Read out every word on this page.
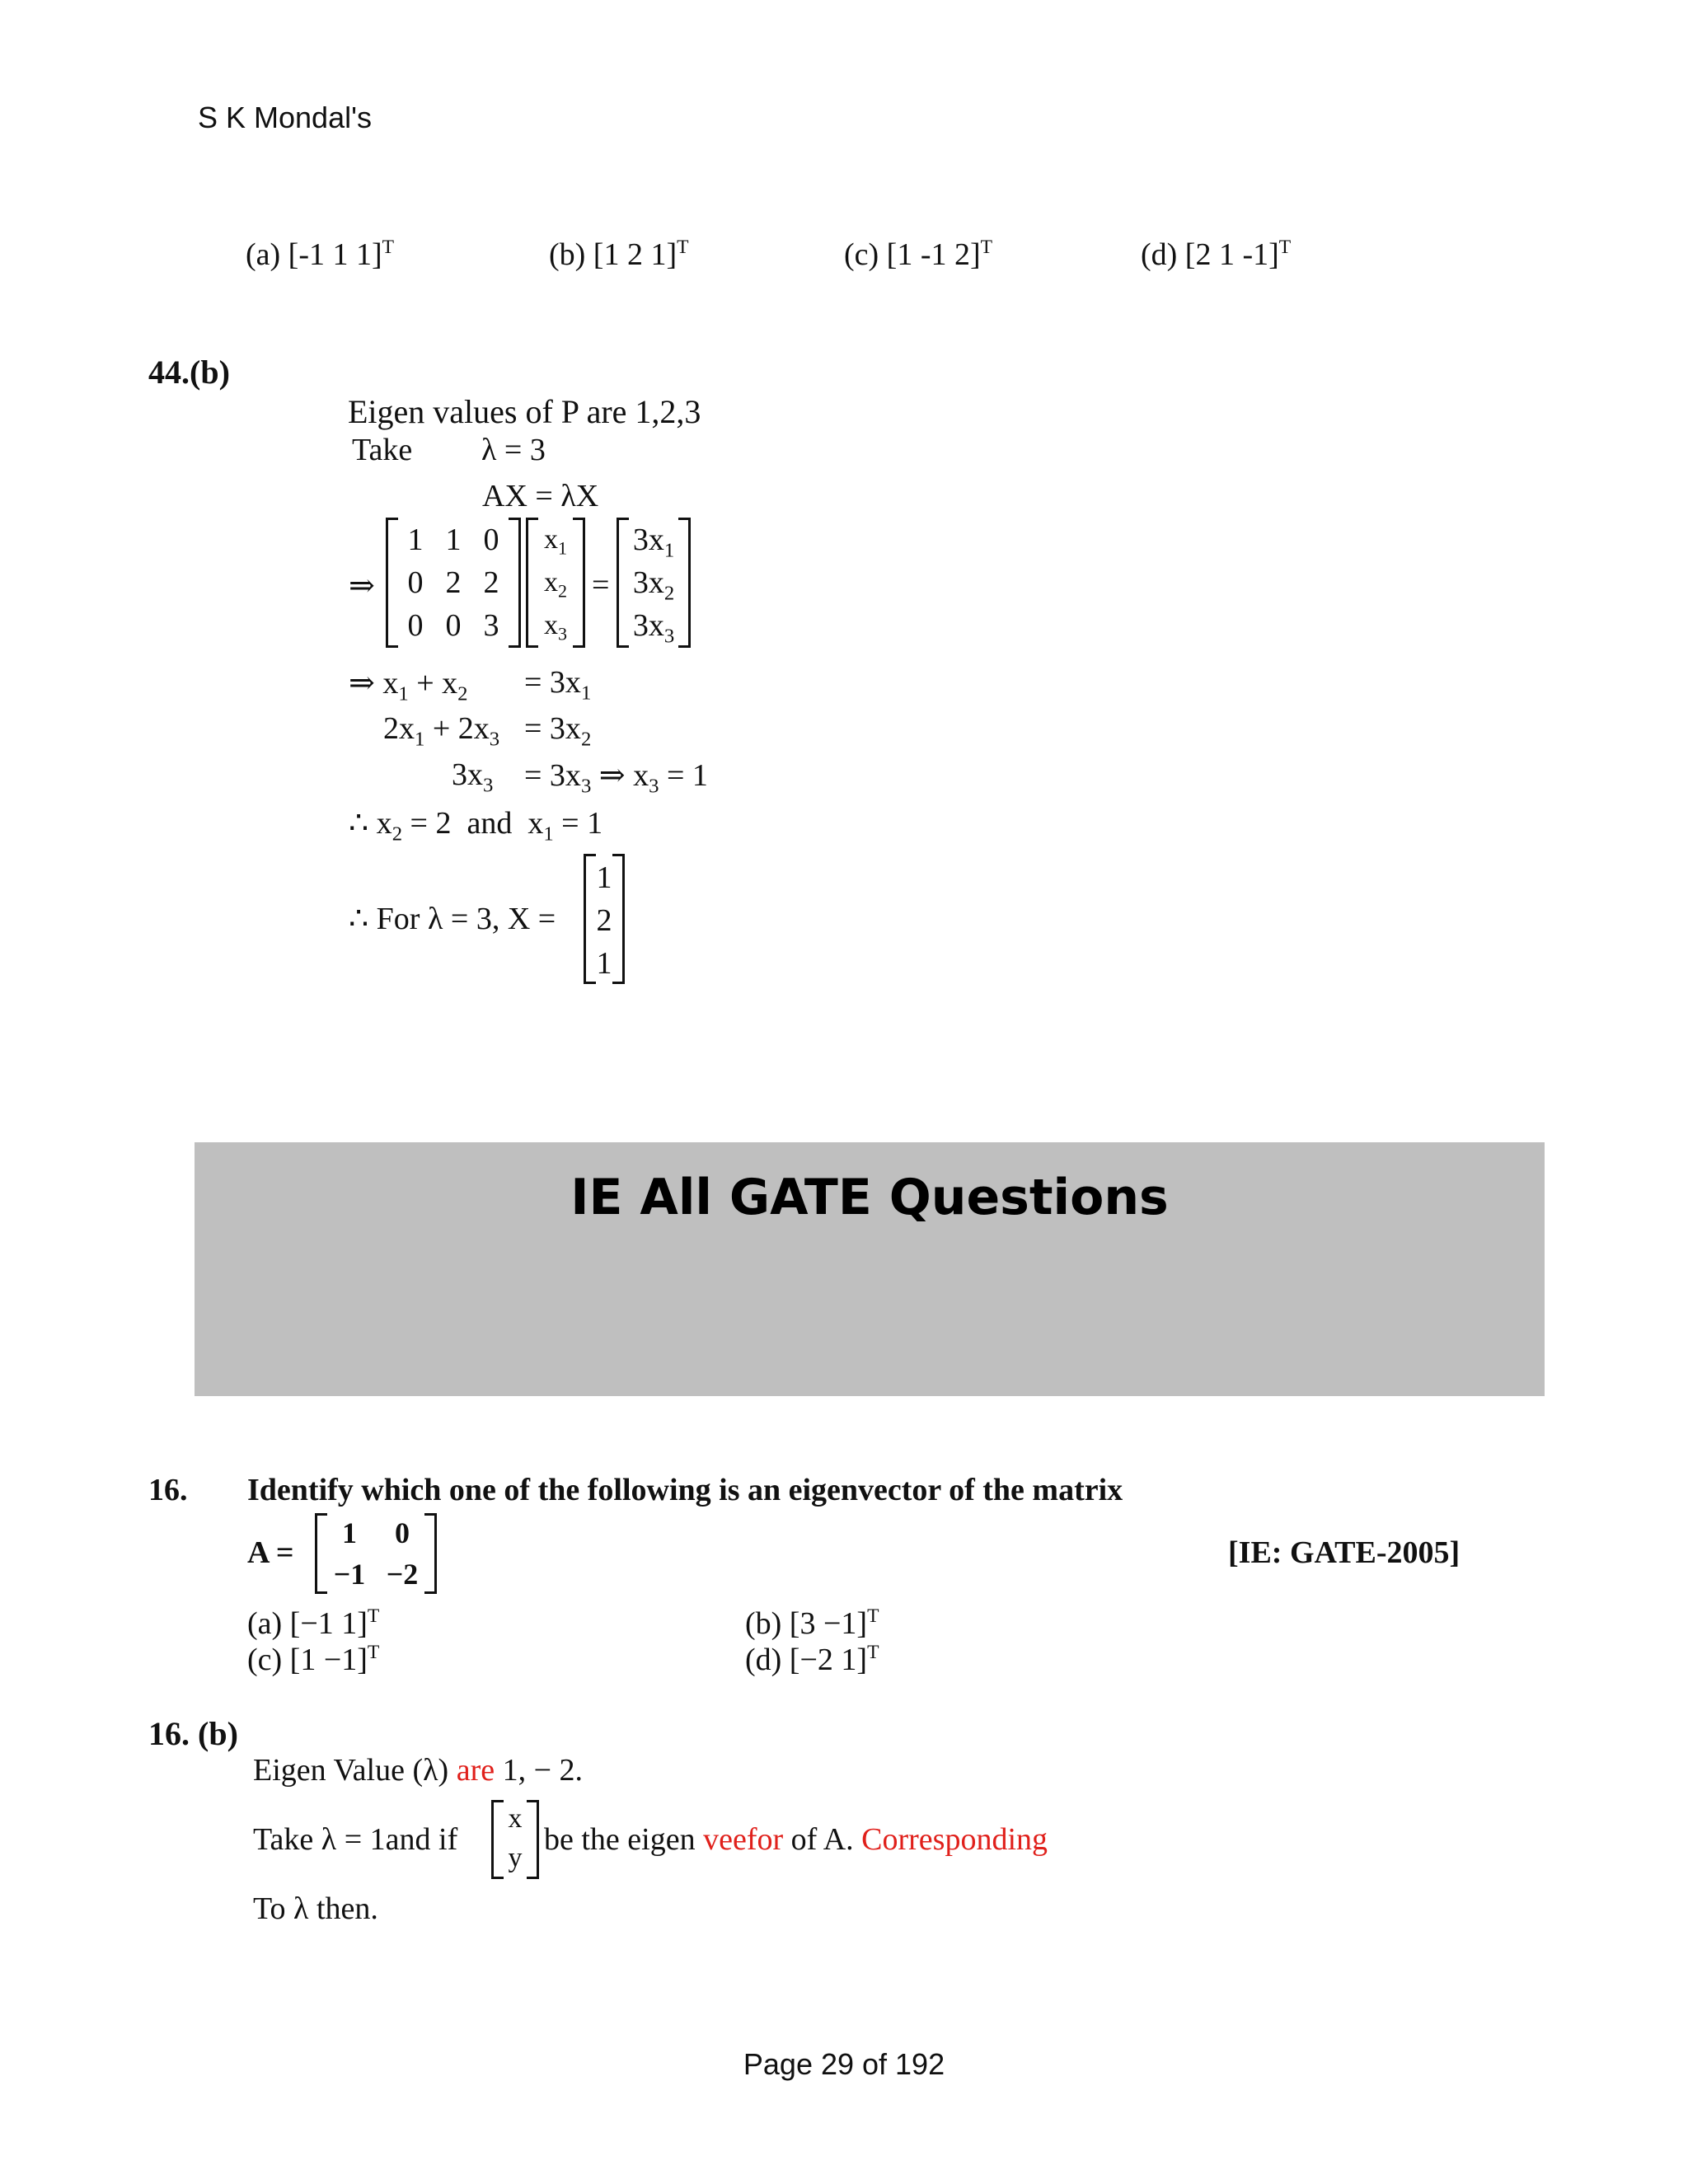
S K Mondal's
(a) [-1 1 1]$^T$	(b) [1 2 1]$^T$	(c) [1 -1 2]$^T$	(d) [2 1 -1]$^T$
44.(b)
Eigen values of P are 1,2,3
Take λ = 3
AX = λX
⇒
1 1 0
0 2 2
0 0 3
$x_1$
$x_2$
$x_3$
=
$3x_1$
$3x_2$
$3x_3$
⇒ $x_1 + x_2 = 3x_1$
$2x_1 + 2x_3 = 3x_2$
$3x_3 = 3x_3$ ⇒ $x_3 = 1$
∴ $x_2 = 2$  and  $x_1 = 1$
∴ For λ = 3, X =
1
2
1
IE All GATE Questions
16. Identify which one of the following is an eigenvector of the matrix
A =
1	0
−1 −2
[IE: GATE-2005]
(a) [−1 1]$^T$	(b) $[3 -1]^T$
(c) $[1 -1]^T$	(d) [−2 1]$^T$
16. (b)
Eigen Value (λ) are 1, − 2.
Take λ = 1and if
x
y
be the eigen veefor of A. Corresponding
To λ then.
Page 29 of 192
